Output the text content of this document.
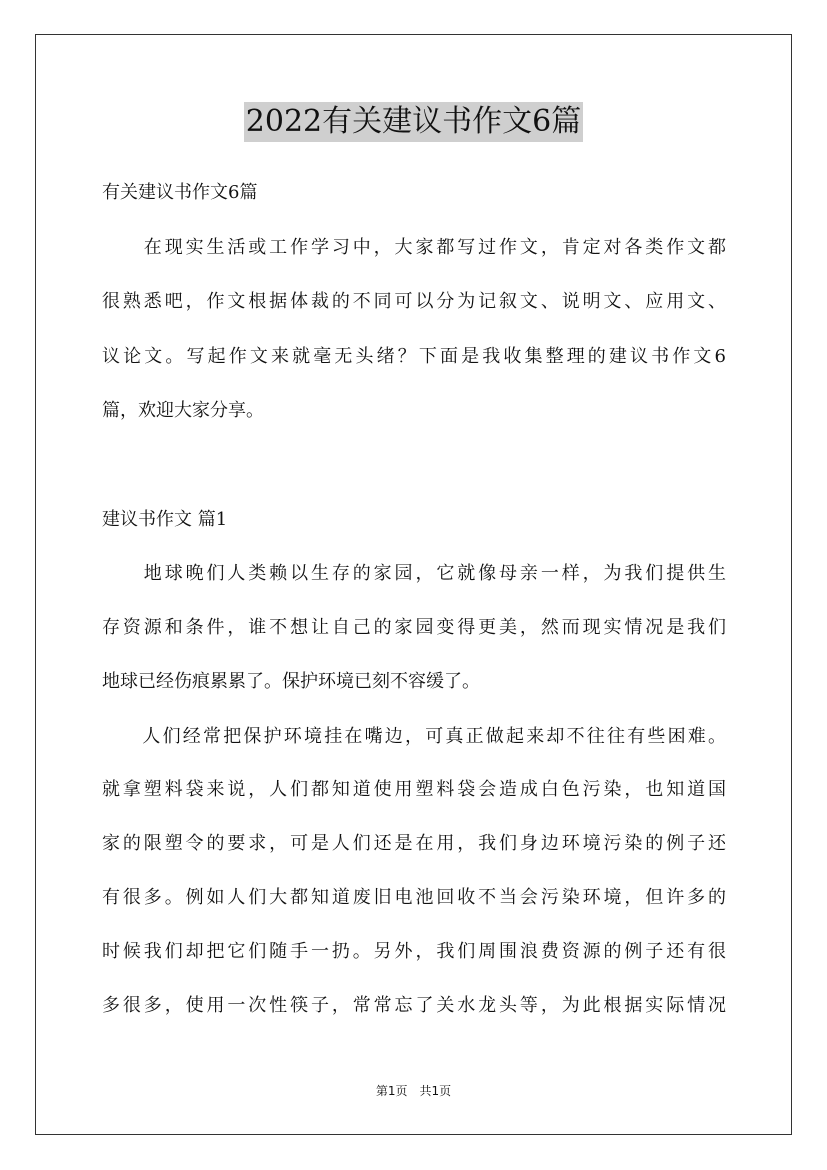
2022有关建议书作文6篇
有关建议书作文6篇
　　在现实生活或工作学习中，大家都写过作文，肯定对各类作文都
很熟悉吧，作文根据体裁的不同可以分为记叙文、说明文、应用文、
议论文。写起作文来就毫无头绪？下面是我收集整理的建议书作文6
篇，欢迎大家分享。
建议书作文 篇1
　　地球晚们人类赖以生存的家园，它就像母亲一样，为我们提供生
存资源和条件，谁不想让自己的家园变得更美，然而现实情况是我们
地球已经伤痕累累了。保护环境已刻不容缓了。
　　人们经常把保护环境挂在嘴边，可真正做起来却不往往有些困难。
就拿塑料袋来说，人们都知道使用塑料袋会造成白色污染，也知道国
家的限塑令的要求，可是人们还是在用，我们身边环境污染的例子还
有很多。例如人们大都知道废旧电池回收不当会污染环境，但许多的
时候我们却把它们随手一扔。另外，我们周围浪费资源的例子还有很
多很多，使用一次性筷子，常常忘了关水龙头等，为此根据实际情况
第1页　共1页
